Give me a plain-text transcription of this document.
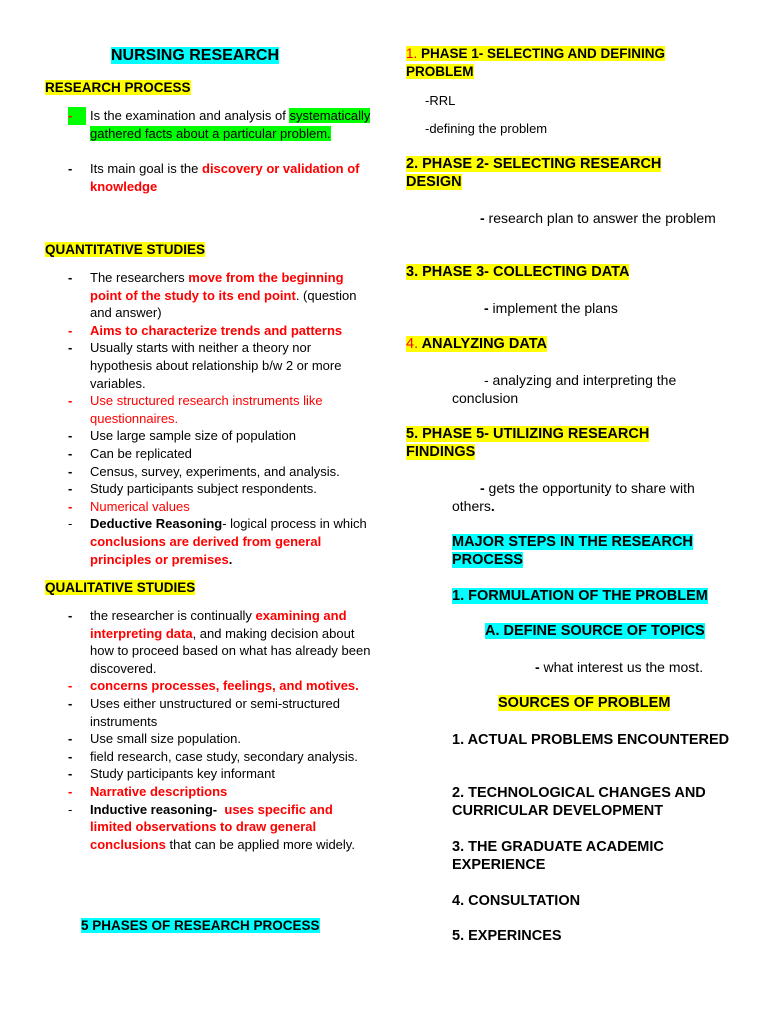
NURSING RESEARCH
RESEARCH PROCESS
-	Is the examination and analysis of systematically gathered facts about a particular problem.
- Its main goal is the discovery or validation of knowledge
QUANTITATIVE STUDIES
- The researchers move from the beginning point of the study to its end point. (question and answer)
- Aims to characterize trends and patterns
- Usually starts with neither a theory nor hypothesis about relationship b/w 2 or more variables.
- Use structured research instruments like questionnaires.
- Use large sample size of population
- Can be replicated
- Census, survey, experiments, and analysis.
- Study participants subject respondents.
- Numerical values
- Deductive Reasoning- logical process in which conclusions are derived from general principles or premises.
QUALITATIVE STUDIES
- the researcher is continually examining and interpreting data, and making decision about how to proceed based on what has already been discovered.
- concerns processes, feelings, and motives.
- Uses either unstructured or semi-structured instruments
- Use small size population.
- field research, case study, secondary analysis.
- Study participants key informant
- Narrative descriptions
- Inductive reasoning- uses specific and limited observations to draw general conclusions that can be applied more widely.
5 PHASES OF RESEARCH PROCESS
1. PHASE 1- SELECTING AND DEFINING PROBLEM
-RRL
-defining the problem
2. PHASE 2- SELECTING RESEARCH DESIGN
- research plan to answer the problem
3. PHASE 3- COLLECTING DATA
- implement the plans
4. ANALYZING DATA
- analyzing and interpreting the conclusion
5. PHASE 5- UTILIZING RESEARCH FINDINGS
- gets the opportunity to share with others.
MAJOR STEPS IN THE RESEARCH PROCESS
1. FORMULATION OF THE PROBLEM
A. DEFINE SOURCE OF TOPICS
- what interest us the most.
SOURCES OF PROBLEM
1. ACTUAL PROBLEMS ENCOUNTERED
2. TECHNOLOGICAL CHANGES AND CURRICULAR DEVELOPMENT
3. THE GRADUATE ACADEMIC EXPERIENCE
4. CONSULTATION
5. EXPERINCES
